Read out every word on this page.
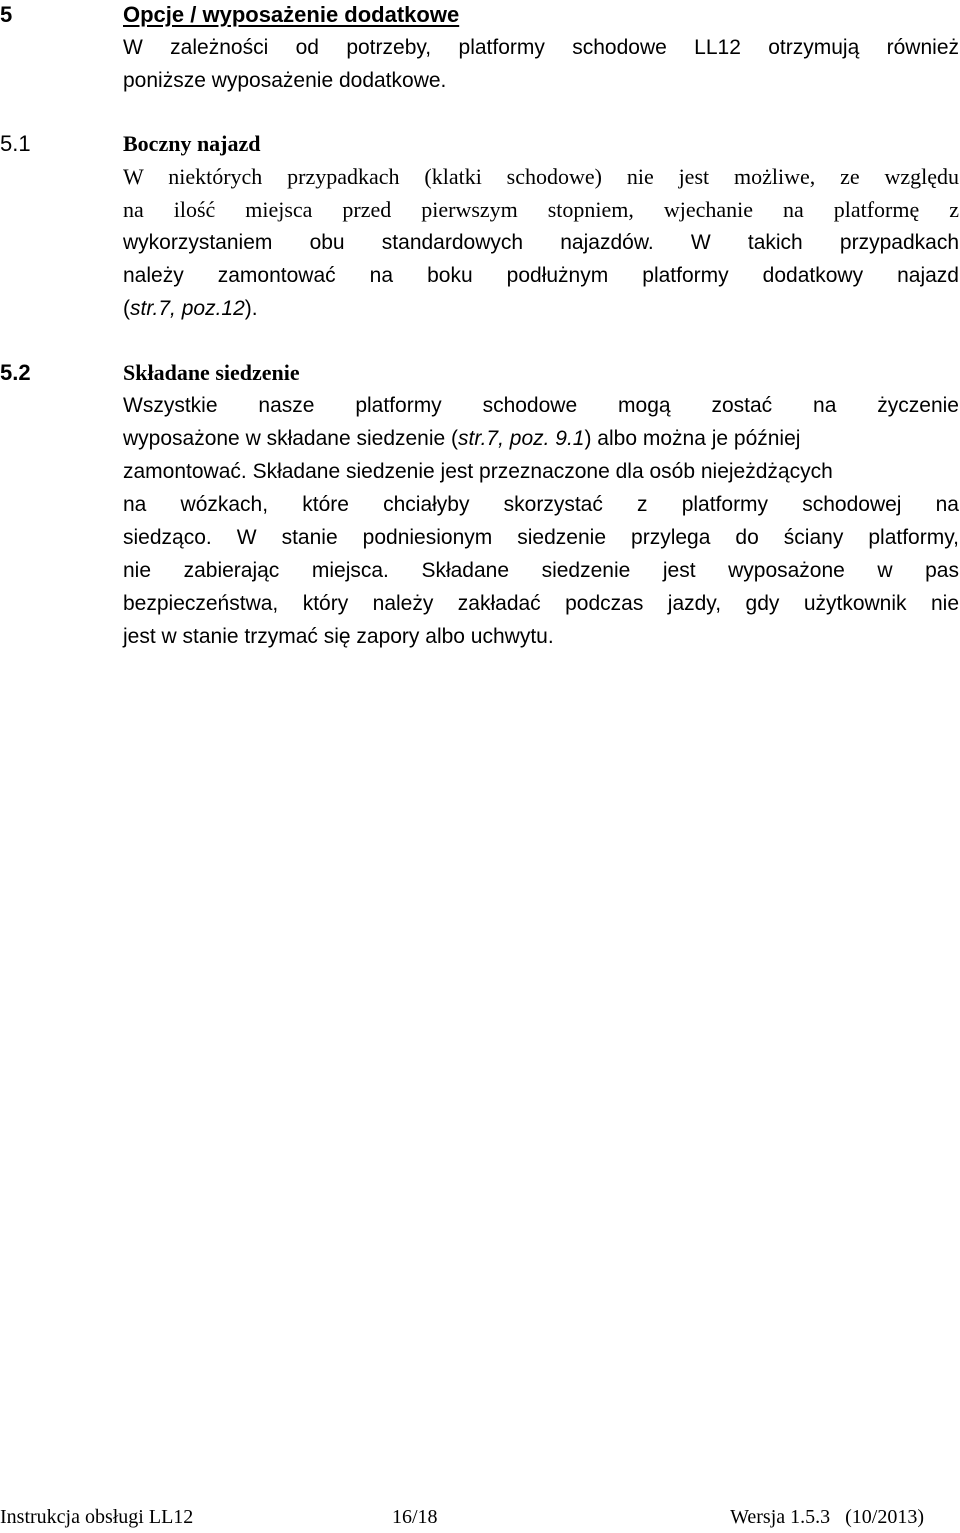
5	Opcje / wyposażenie dodatkowe

W zależności od potrzeby, platformy schodowe LL12 otrzymują również
poniższe wyposażenie dodatkowe.

5.1	Boczny najazd

W niektórych przypadkach (klatki schodowe) nie jest możliwe, ze względu
na ilość miejsca przed pierwszym stopniem, wjechanie na platformę z
wykorzystaniem obu standardowych najazdów. W takich przypadkach
należy zamontować na boku podłużnym platformy dodatkowy najazd
(str.7, poz.12).

5.2	Składane siedzenie

Wszystkie nasze platformy schodowe mogą zostać na życzenie
wyposażone w składane siedzenie (str.7, poz. 9.1) albo można je później
zamontować. Składane siedzenie jest przeznaczone dla osób niejeżdżących
na wózkach, które chciałyby skorzystać z platformy schodowej na
siedząco. W stanie podniesionym siedzenie przylega do ściany platformy,
nie zabierając miejsca. Składane siedzenie jest wyposażone w pas
bezpieczeństwa, który należy zakładać podczas jazdy, gdy użytkownik nie
jest w stanie trzymać się zapory albo uchwytu.

Instrukcja obsługi LL12	16/18	Wersja 1.5.3   (10/2013)
